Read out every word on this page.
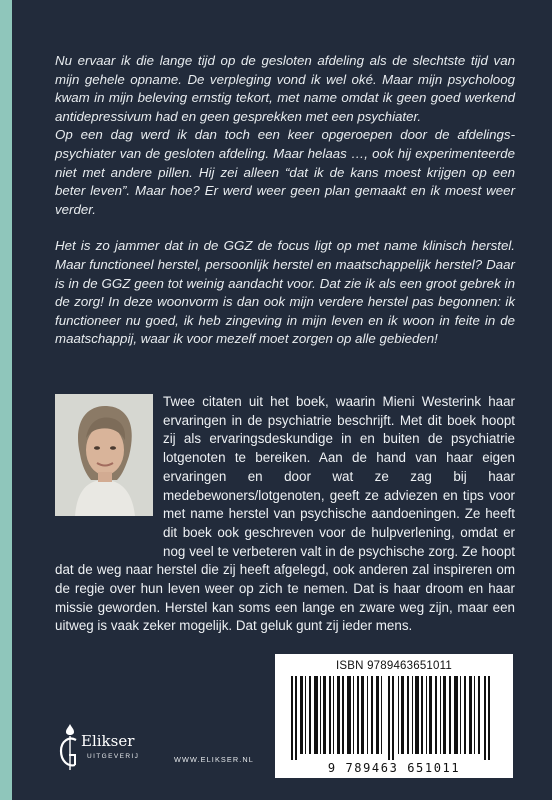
Nu ervaar ik die lange tijd op de gesloten afdeling als de slechtste tijd van mijn gehele opname. De verpleging vond ik wel oké. Maar mijn psycholoog kwam in mijn beleving ernstig tekort, met name omdat ik geen goed werkend antidepressivum had en geen gesprekken met een psychiater.

Op een dag werd ik dan toch een keer opgeroepen door de afdelings-psychiater van de gesloten afdeling. Maar helaas …, ook hij experimenteerde niet met andere pillen. Hij zei alleen “dat ik de kans moest krijgen op een beter leven”. Maar hoe? Er werd weer geen plan gemaakt en ik moest weer verder.

Het is zo jammer dat in de GGZ de focus ligt op met name klinisch herstel. Maar functioneel herstel, persoonlijk herstel en maatschappelijk herstel? Daar is in de GGZ geen tot weinig aandacht voor. Dat zie ik als een groot gebrek in de zorg! In deze woonvorm is dan ook mijn verdere herstel pas begonnen: ik functioneer nu goed, ik heb zingeving in mijn leven en ik woon in feite in de maatschappij, waar ik voor mezelf moet zorgen op alle gebieden!

Twee citaten uit het boek, waarin Mieni Westerink haar ervaringen in de psychiatrie beschrijft. Met dit boek hoopt zij als ervaringsdeskundige in en buiten de psychiatrie lotgenoten te bereiken. Aan de hand van haar eigen ervaringen en door wat ze zag bij haar medebewoners/lotgenoten, geeft ze adviezen en tips voor met name herstel van psychische aandoeningen. Ze heeft dit boek ook geschreven voor de hulpverlening, omdat er nog veel te verbeteren valt in de psychische zorg. Ze hoopt dat de weg naar herstel die zij heeft afgelegd, ook anderen zal inspireren om de regie over hun leven weer op zich te nemen. Dat is haar droom en haar missie geworden. Herstel kan soms een lange en zware weg zijn, maar een uitweg is vaak zeker mogelijk. Dat geluk gunt zij ieder mens.

ISBN 9789463651011
9 789463 651011
Elikser
UITGEVERIJ	WWW.ELIKSER.NL
